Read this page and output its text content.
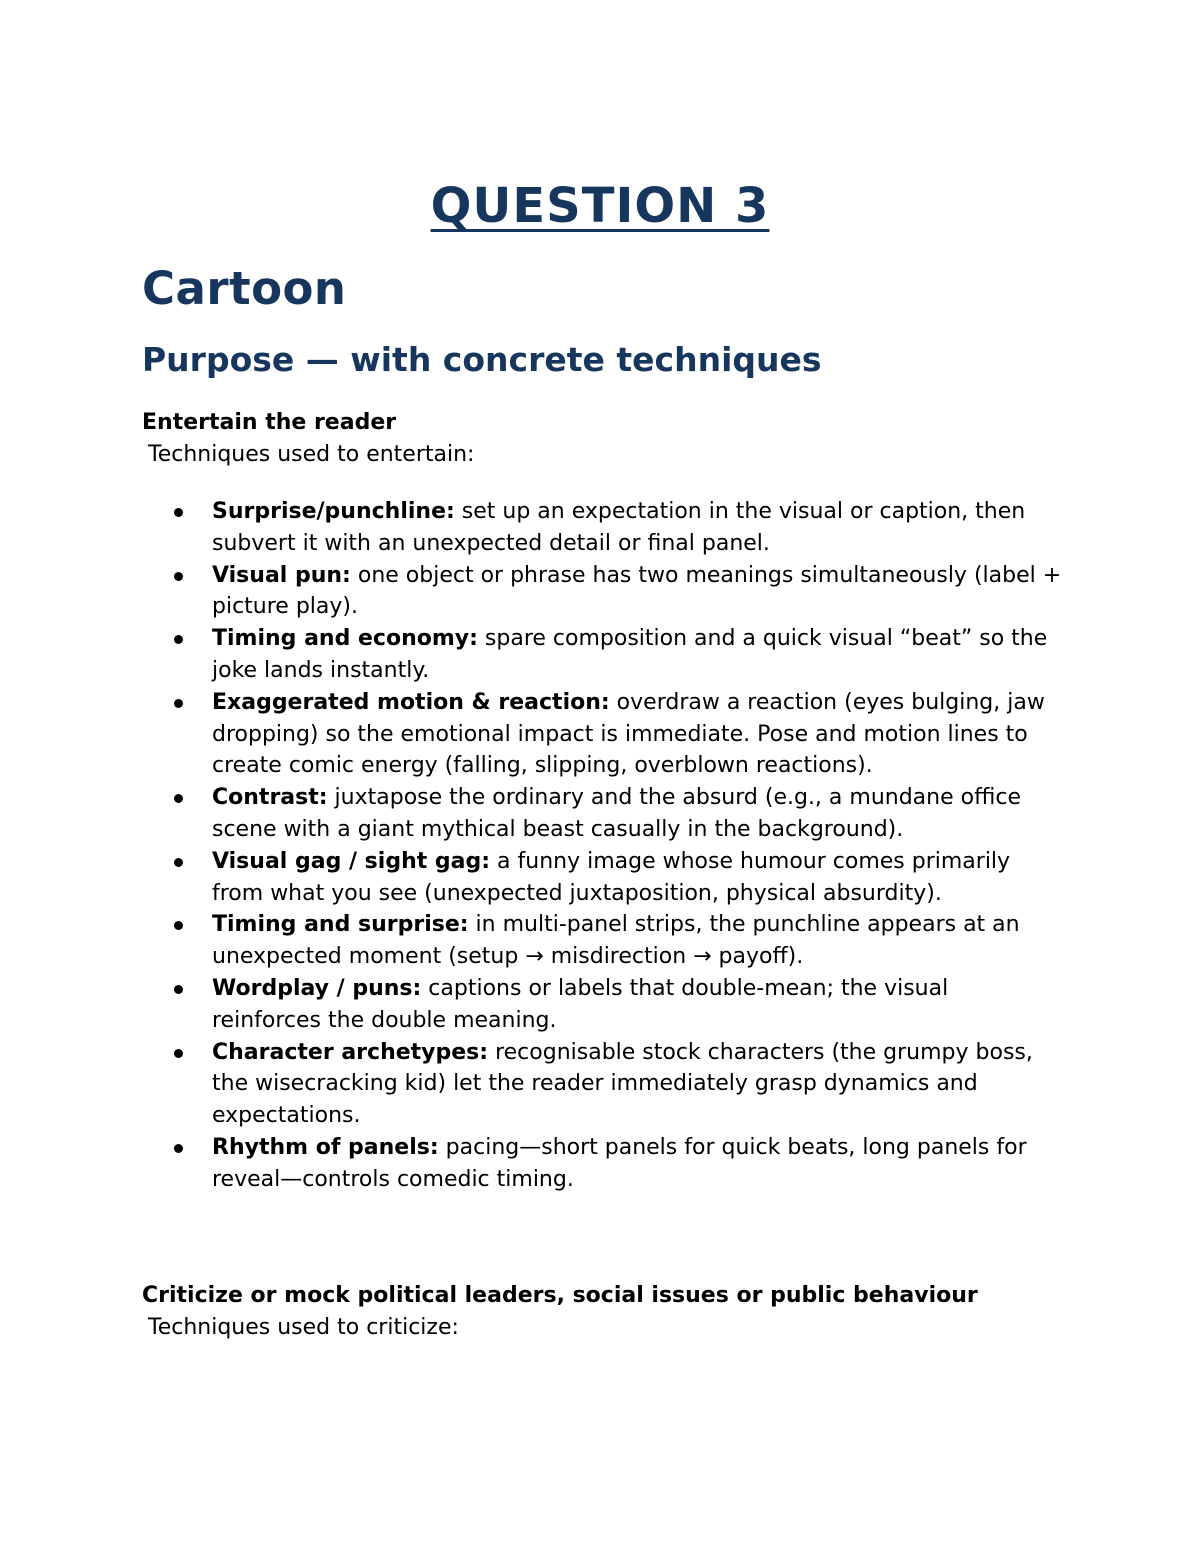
QUESTION 3
Cartoon
Purpose — with concrete techniques

Entertain the reader

Techniques used to entertain:

Surprise/punchline: set up an expectation in the visual or caption, then subvert it with an unexpected detail or final panel.
Visual pun: one object or phrase has two meanings simultaneously (label + picture play).
Timing and economy: spare composition and a quick visual “beat” so the joke lands instantly.
Exaggerated motion & reaction: overdraw a reaction (eyes bulging, jaw dropping) so the emotional impact is immediate. Pose and motion lines to create comic energy (falling, slipping, overblown reactions).
Contrast: juxtapose the ordinary and the absurd (e.g., a mundane office scene with a giant mythical beast casually in the background).
Visual gag / sight gag: a funny image whose humour comes primarily from what you see (unexpected juxtaposition, physical absurdity).
Timing and surprise: in multi-panel strips, the punchline appears at an unexpected moment (setup → misdirection → payoff).
Wordplay / puns: captions or labels that double-mean; the visual reinforces the double meaning.
Character archetypes: recognisable stock characters (the grumpy boss, the wisecracking kid) let the reader immediately grasp dynamics and expectations.
Rhythm of panels: pacing—short panels for quick beats, long panels for reveal—controls comedic timing.

Criticize or mock political leaders, social issues or public behaviour

Techniques used to criticize:
